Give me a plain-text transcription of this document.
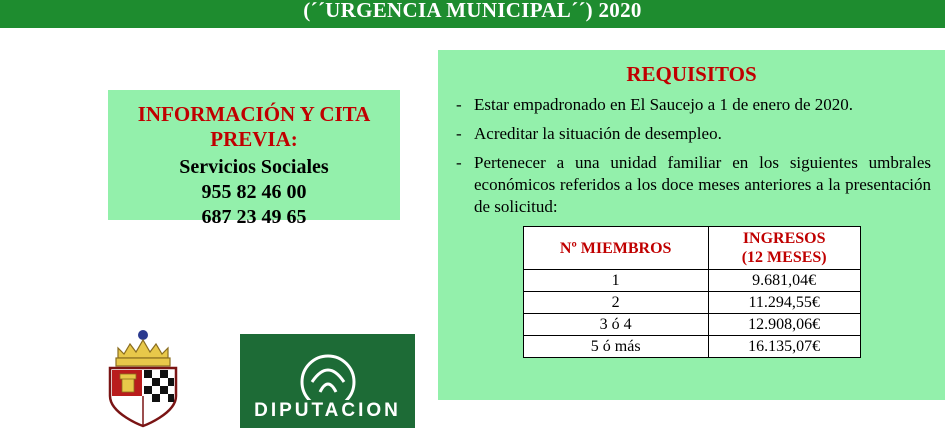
(´´URGENCIA MUNICIPAL´´) 2020
INFORMACIÓN Y CITA PREVIA:
Servicios Sociales
955 82 46 00
687 23 49 65
DIPUTACION
REQUISITOS
- Estar empadronado en El Saucejo a 1 de enero de 2020.
- Acreditar la situación de desempleo.
- Pertenecer a una unidad familiar en los siguientes umbrales económicos referidos a los doce meses anteriores a la presentación de solicitud:
Nº MIEMBROS	INGRESOS
(12 MESES)

1	9.681,04€
2	11.294,55€
3 ó 4	12.908,06€
5 ó más	16.135,07€
